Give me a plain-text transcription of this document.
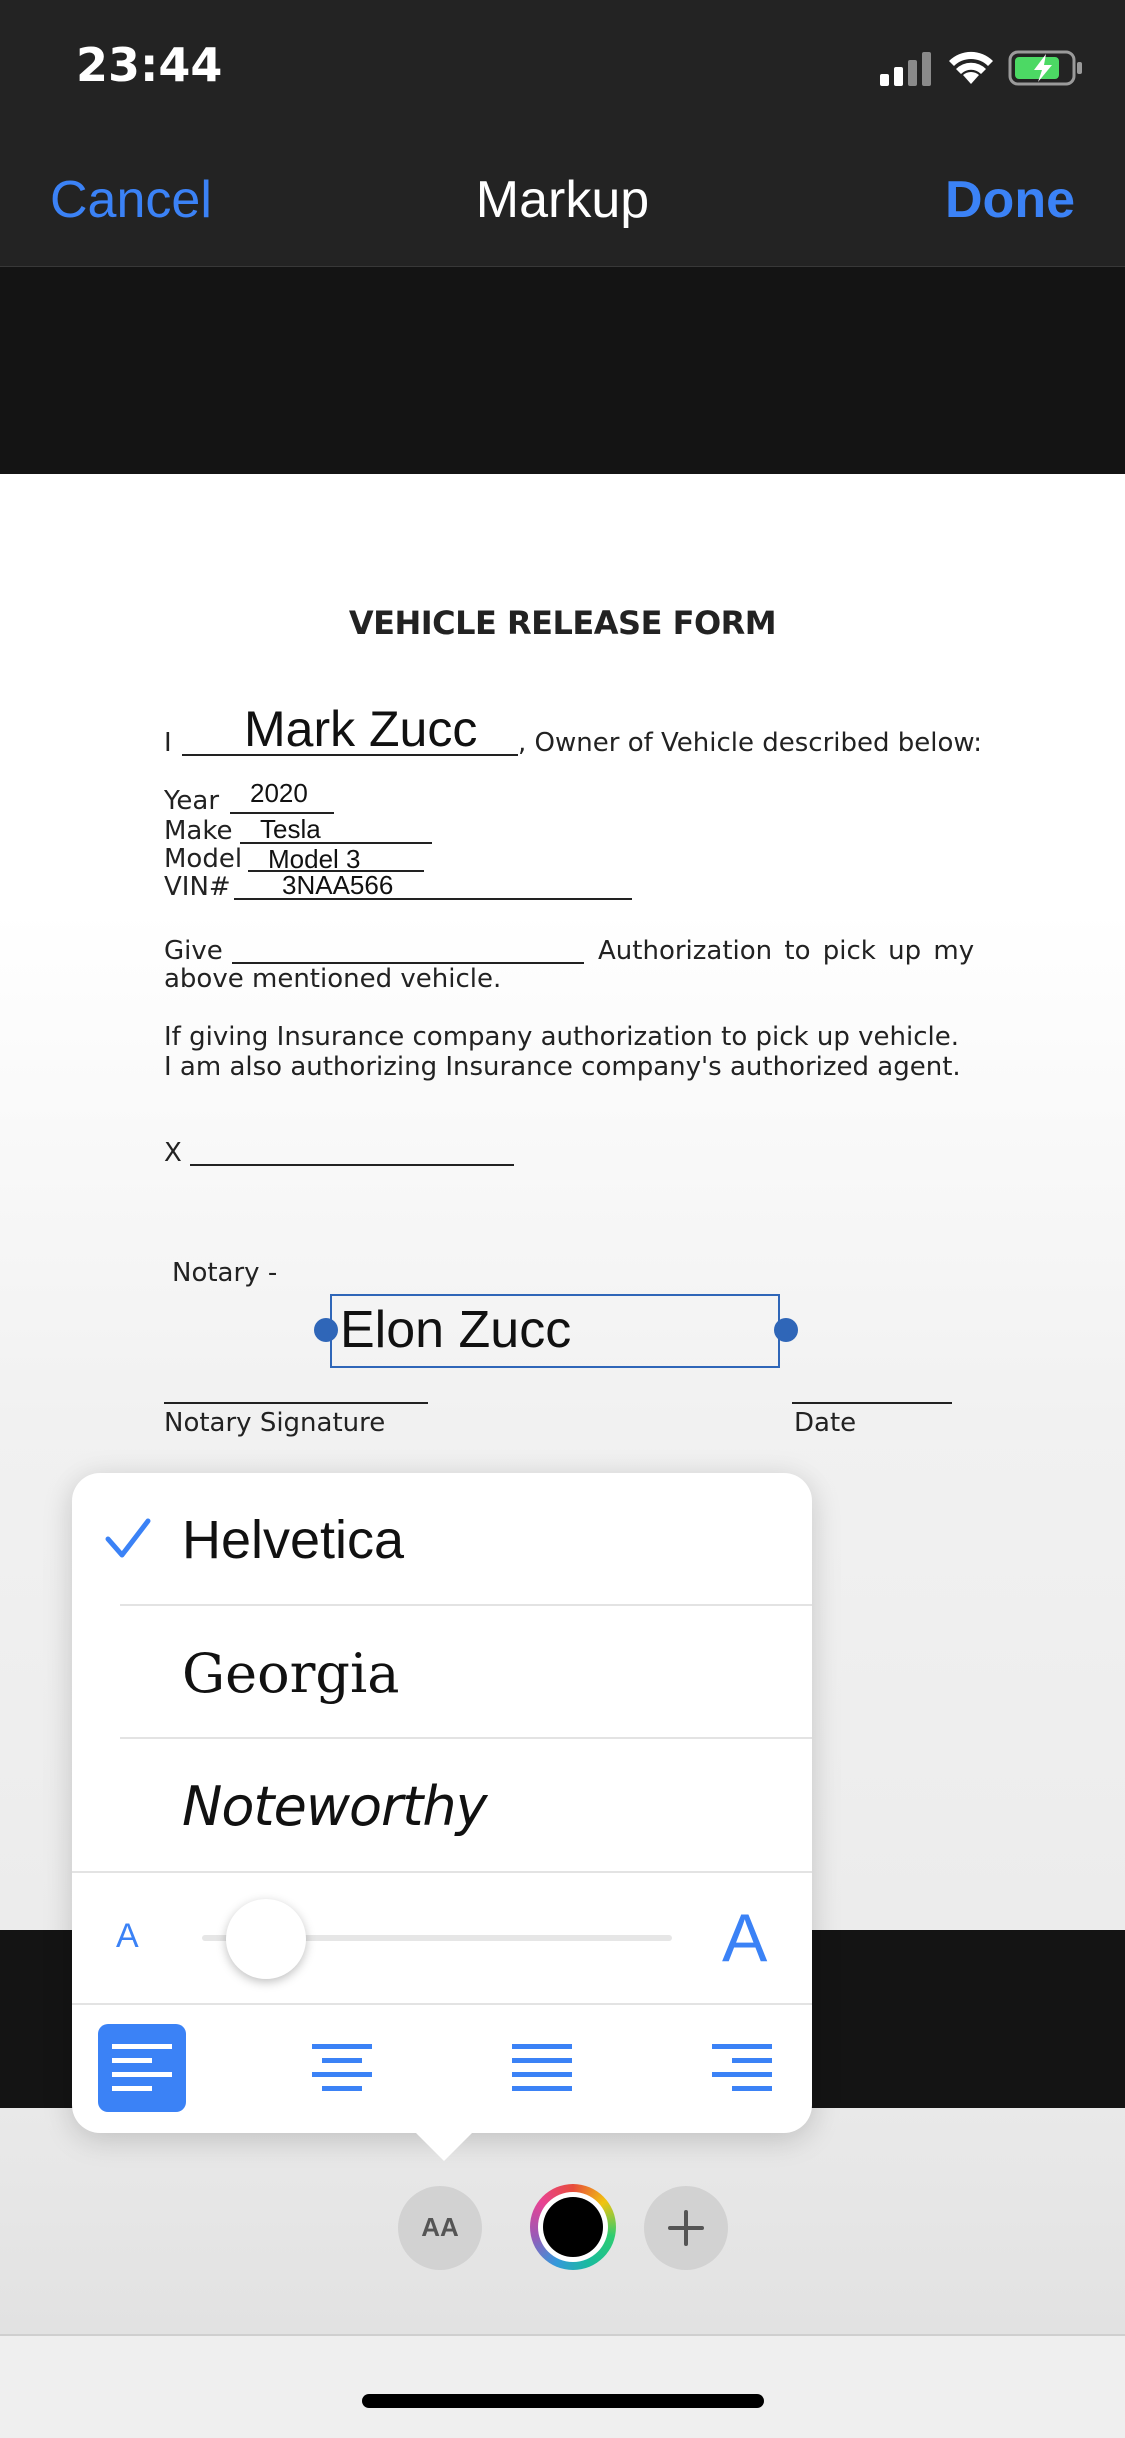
23:44
Markup
Cancel	Done
VEHICLE RELEASE FORM
I Mark Zucc , Owner of Vehicle described below:
Year 2020
Make Tesla
Model Model 3
VIN# 3NAA566
Give	Authorization to pick up my
above mentioned vehicle.
If giving Insurance company authorization to pick up vehicle.
I am also authorizing Insurance company's authorized agent.
X
Notary -
Elon Zucc
Notary Signature	Date
AA
Helvetica
Georgia
Noteworthy
A	A
